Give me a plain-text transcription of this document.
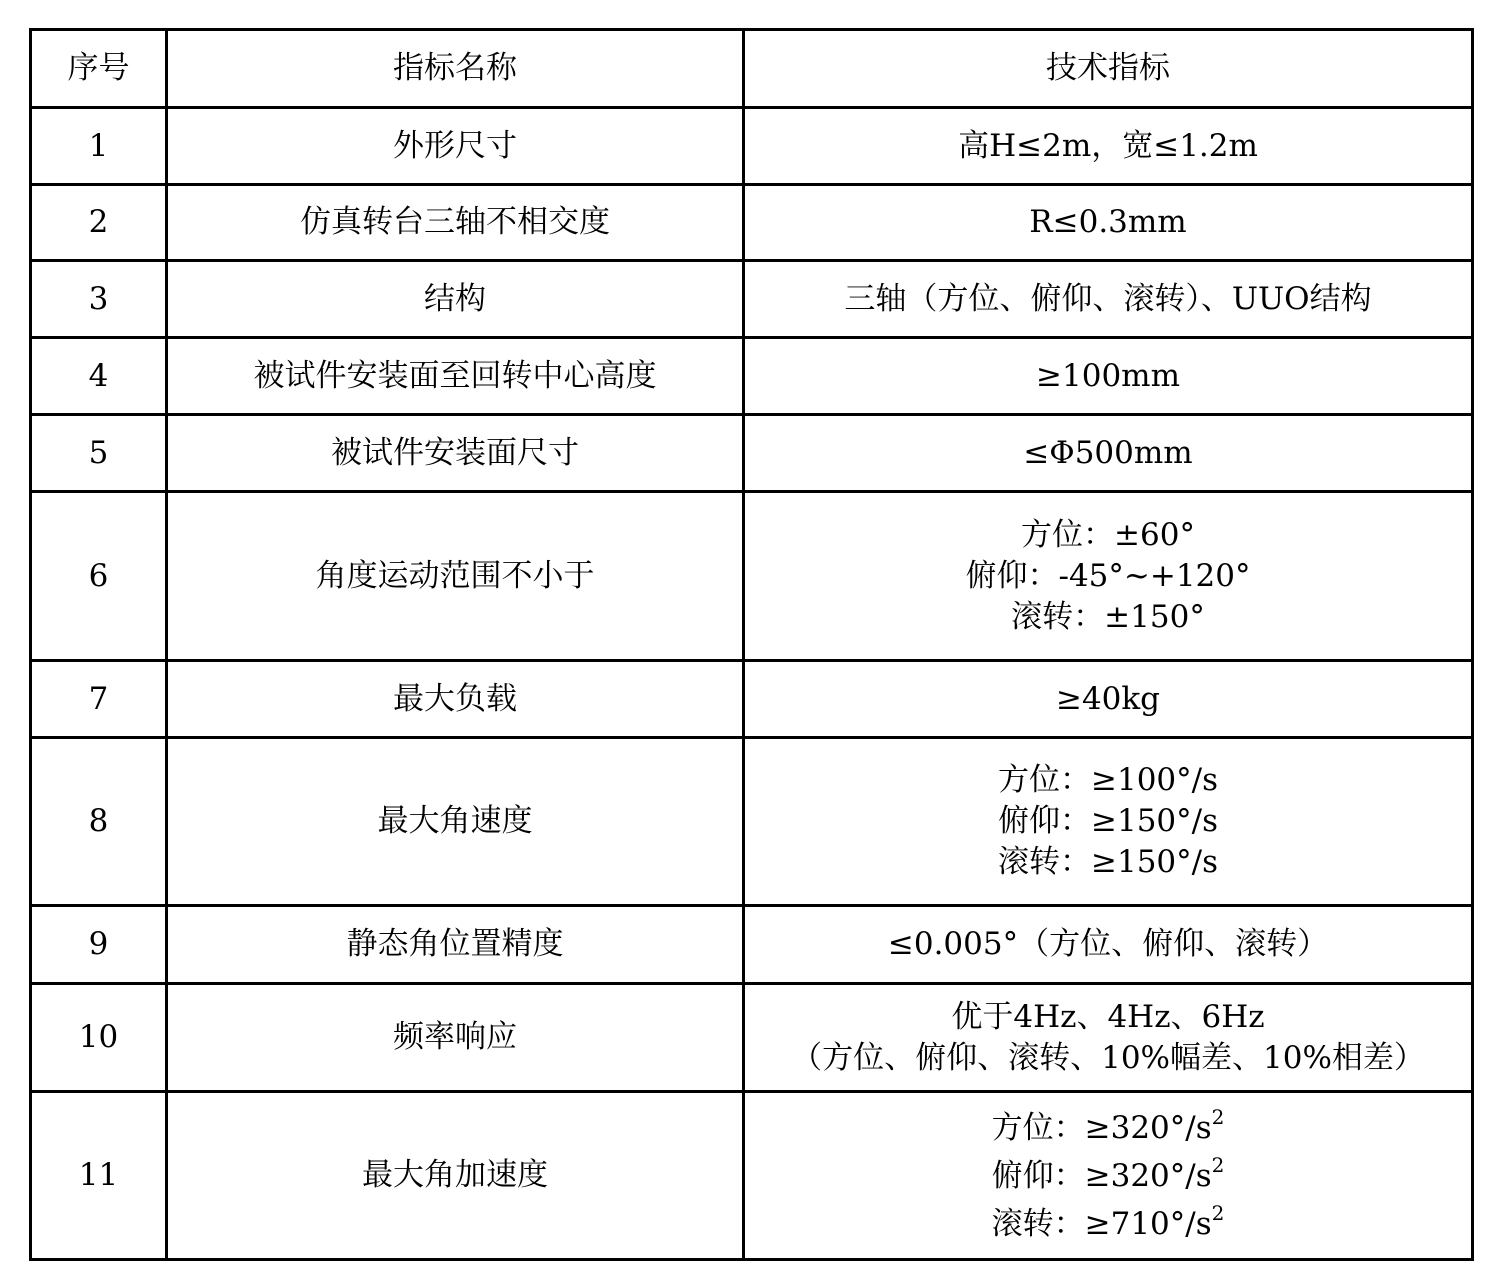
序号	指标名称	技术指标
1	外形尺寸	高H≤2m，宽≤1.2m

2	仿真转台三轴不相交度	R≤0.3mm

3	结构	三轴（方位、俯仰、滚转）、UUO结构

4	被试件安装面至回转中心高度	≥100mm

5	被试件安装面尺寸	≤Φ500mm

6	角度运动范围不小于	方位：±60°
俯仰：-45°~+120°
滚转：±150°

7	最大负载	≥40kg

8	最大角速度	方位：≥100°/s
俯仰：≥150°/s
滚转：≥150°/s

9	静态角位置精度	≤0.005°（方位、俯仰、滚转）

10	频率响应	优于4Hz、4Hz、6Hz
（方位、俯仰、滚转、10%幅差、10%相差）

11	最大角加速度	方位：$\ge 320^\circ/s^2$
俯仰：$\ge 320^\circ/s^2$
滚转：$\ge 710^\circ/s^2$
